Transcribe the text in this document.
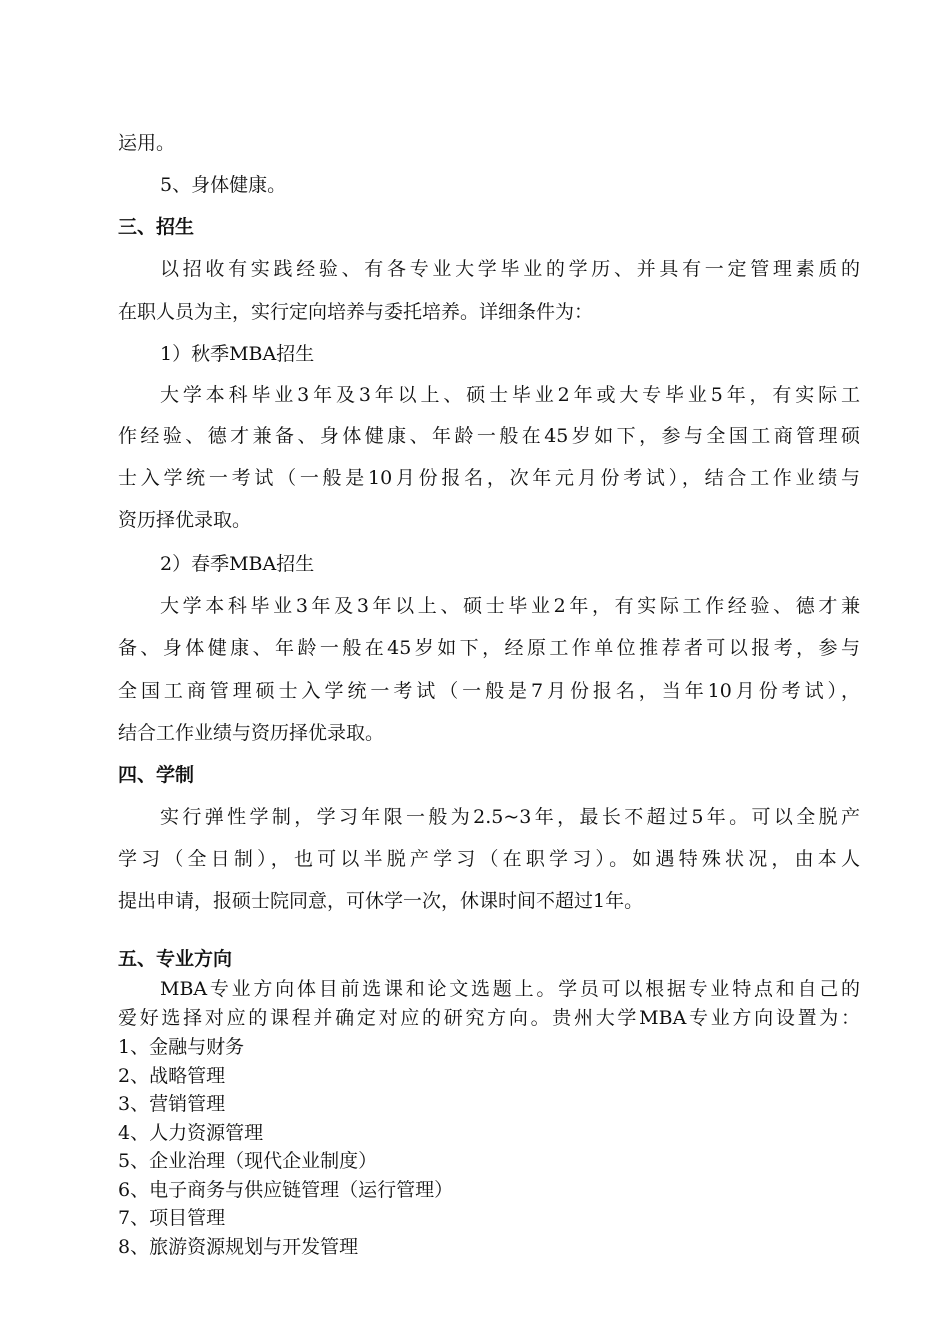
运用。
5、身体健康。
三、招生
以招收有实践经验、有各专业大学毕业的学历、并具有一定管理素质的
在职人员为主，实行定向培养与委托培养。详细条件为：
1）秋季MBA招生
大学本科毕业3年及3年以上、硕士毕业2年或大专毕业5年，有实际工
作经验、德才兼备、身体健康、年龄一般在45岁如下，参与全国工商管理硕
士入学统一考试（一般是10月份报名，次年元月份考试），结合工作业绩与
资历择优录取。
2）春季MBA招生
大学本科毕业3年及3年以上、硕士毕业2年，有实际工作经验、德才兼
备、身体健康、年龄一般在45岁如下，经原工作单位推荐者可以报考，参与
全国工商管理硕士入学统一考试（一般是7月份报名，当年10月份考试），
结合工作业绩与资历择优录取。
四、学制
实行弹性学制，学习年限一般为2.5~3年，最长不超过5年。可以全脱产
学习（全日制），也可以半脱产学习（在职学习）。如遇特殊状况，由本人
提出申请，报硕士院同意，可休学一次，休课时间不超过1年。
五、专业方向
MBA专业方向体目前选课和论文选题上。学员可以根据专业特点和自己的
爱好选择对应的课程并确定对应的研究方向。贵州大学MBA专业方向设置为：
1、金融与财务
2、战略管理
3、营销管理
4、人力资源管理
5、企业治理（现代企业制度）
6、电子商务与供应链管理（运行管理）
7、项目管理
8、旅游资源规划与开发管理
